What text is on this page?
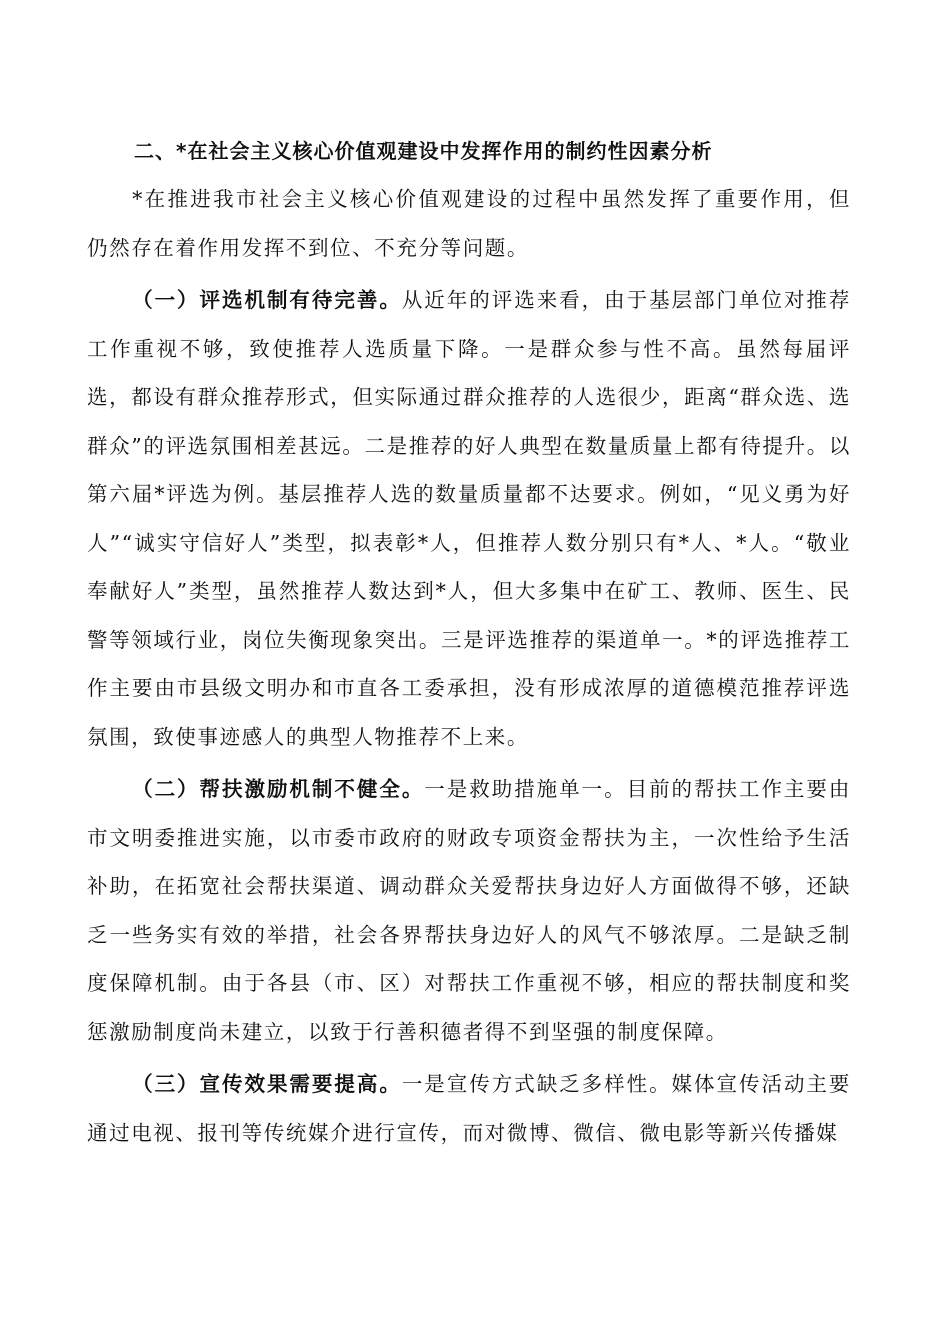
二、*在社会主义核心价值观建设中发挥作用的制约性因素分析

*在推进我市社会主义核心价值观建设的过程中虽然发挥了重要作用，但仍然存在着作用发挥不到位、不充分等问题。

（一）评选机制有待完善。从近年的评选来看，由于基层部门单位对推荐工作重视不够，致使推荐人选质量下降。一是群众参与性不高。虽然每届评选，都设有群众推荐形式，但实际通过群众推荐的人选很少，距离“群众选、选群众”的评选氛围相差甚远。二是推荐的好人典型在数量质量上都有待提升。以第六届*评选为例。基层推荐人选的数量质量都不达要求。例如，“见义勇为好人”“诚实守信好人”类型，拟表彰*人，但推荐人数分别只有*人、*人。“敬业奉献好人”类型，虽然推荐人数达到*人，但大多集中在矿工、教师、医生、民警等领域行业，岗位失衡现象突出。三是评选推荐的渠道单一。*的评选推荐工作主要由市县级文明办和市直各工委承担，没有形成浓厚的道德模范推荐评选氛围，致使事迹感人的典型人物推荐不上来。

（二）帮扶激励机制不健全。一是救助措施单一。目前的帮扶工作主要由市文明委推进实施，以市委市政府的财政专项资金帮扶为主，一次性给予生活补助，在拓宽社会帮扶渠道、调动群众关爱帮扶身边好人方面做得不够，还缺乏一些务实有效的举措，社会各界帮扶身边好人的风气不够浓厚。二是缺乏制度保障机制。由于各县（市、区）对帮扶工作重视不够，相应的帮扶制度和奖惩激励制度尚未建立，以致于行善积德者得不到坚强的制度保障。

（三）宣传效果需要提高。一是宣传方式缺乏多样性。媒体宣传活动主要通过电视、报刊等传统媒介进行宣传，而对微博、微信、微电影等新兴传播媒
